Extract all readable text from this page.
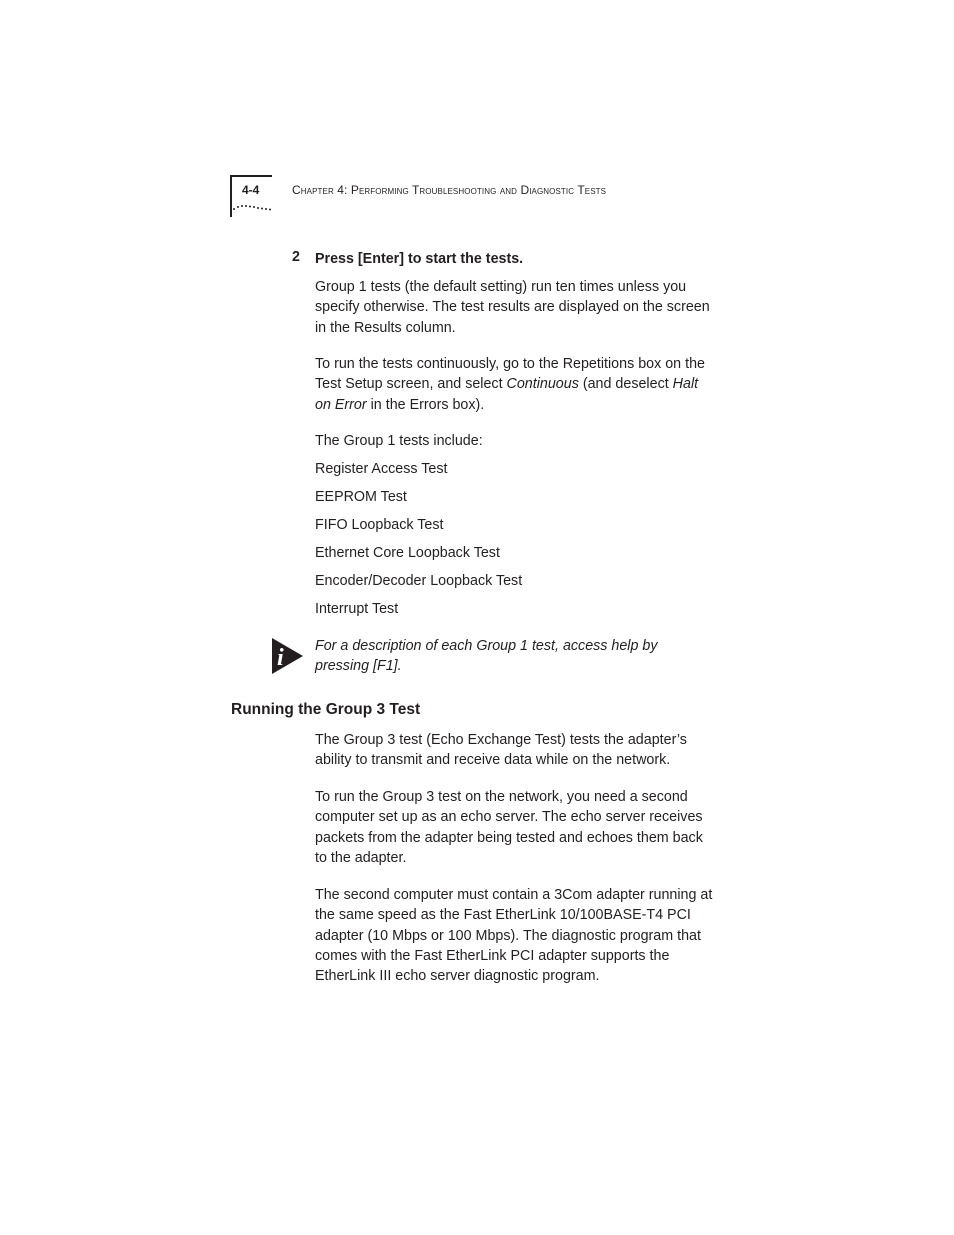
4-4	Chapter 4: Performing Troubleshooting and Diagnostic Tests
2 Press [Enter] to start the tests.
Group 1 tests (the default setting) run ten times unless you specify otherwise. The test results are displayed on the screen in the Results column.
To run the tests continuously, go to the Repetitions box on the Test Setup screen, and select Continuous (and deselect Halt on Error in the Errors box).
The Group 1 tests include:
Register Access Test
EEPROM Test
FIFO Loopback Test
Ethernet Core Loopback Test
Encoder/Decoder Loopback Test
Interrupt Test
i For a description of each Group 1 test, access help by pressing [F1].
Running the Group 3 Test
The Group 3 test (Echo Exchange Test) tests the adapter’s ability to transmit and receive data while on the network.
To run the Group 3 test on the network, you need a second computer set up as an echo server. The echo server receives packets from the adapter being tested and echoes them back to the adapter.
The second computer must contain a 3Com adapter running at the same speed as the Fast EtherLink 10/100BASE-T4 PCI adapter (10 Mbps or 100 Mbps). The diagnostic program that comes with the Fast EtherLink PCI adapter supports the EtherLink III echo server diagnostic program.
